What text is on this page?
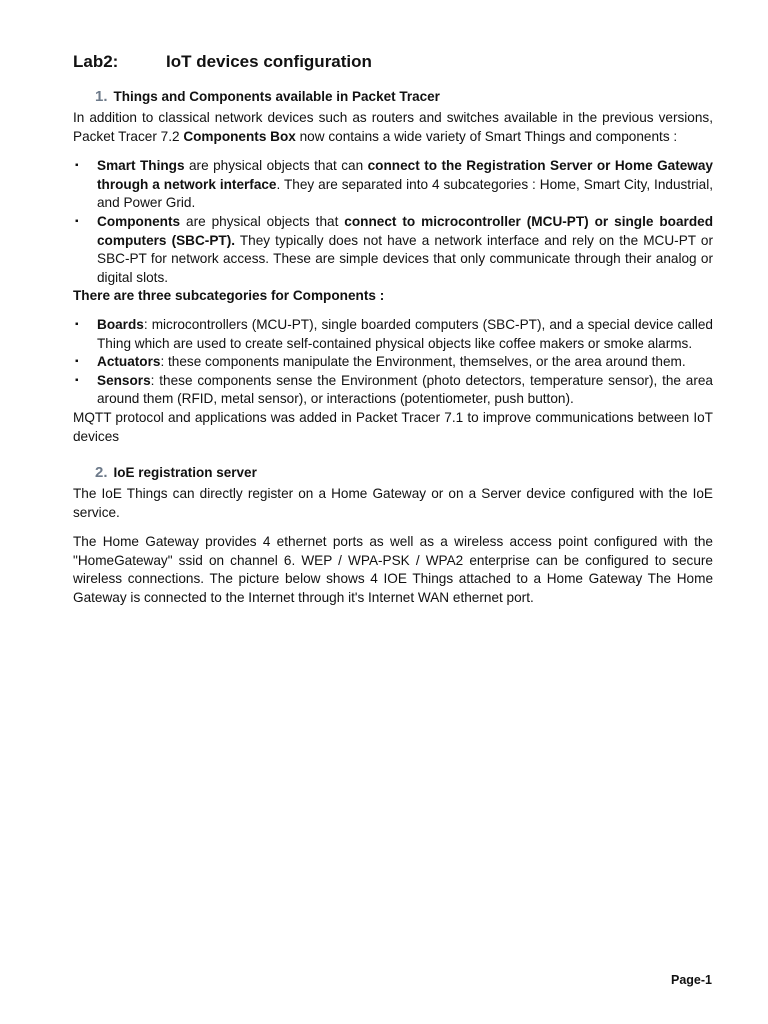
Lab2:	IoT devices configuration
1. Things and Components available in Packet Tracer

In addition to classical network devices such as routers and switches available in the previous versions, Packet Tracer 7.2 Components Box now contains a wide variety of Smart Things and components :

▪ Smart Things are physical objects that can connect to the Registration Server or Home Gateway through a network interface. They are separated into 4 subcategories : Home, Smart City, Industrial, and Power Grid.
▪ Components are physical objects that connect to microcontroller (MCU-PT) or single boarded computers (SBC-PT). They typically does not have a network interface and rely on the MCU-PT or SBC-PT for network access. These are simple devices that only communicate through their analog or digital slots.
There are three subcategories for Components :
▪ Boards: microcontrollers (MCU-PT), single boarded computers (SBC-PT), and a special device called Thing which are used to create self-contained physical objects like coffee makers or smoke alarms.
▪ Actuators: these components manipulate the Environment, themselves, or the area around them.
▪ Sensors: these components sense the Environment (photo detectors, temperature sensor), the area around them (RFID, metal sensor), or interactions (potentiometer, push button).

MQTT protocol and applications was added in Packet Tracer 7.1 to improve communications between IoT devices

2. IoE registration server

The IoE Things can directly register on a Home Gateway or on a Server device configured with the IoE service.

The Home Gateway provides 4 ethernet ports as well as a wireless access point configured with the "HomeGateway" ssid on channel 6. WEP / WPA-PSK / WPA2 enterprise can be configured to secure wireless connections. The picture below shows 4 IOE Things attached to a Home Gateway The Home Gateway is connected to the Internet through it's Internet WAN ethernet port.

Page-1
